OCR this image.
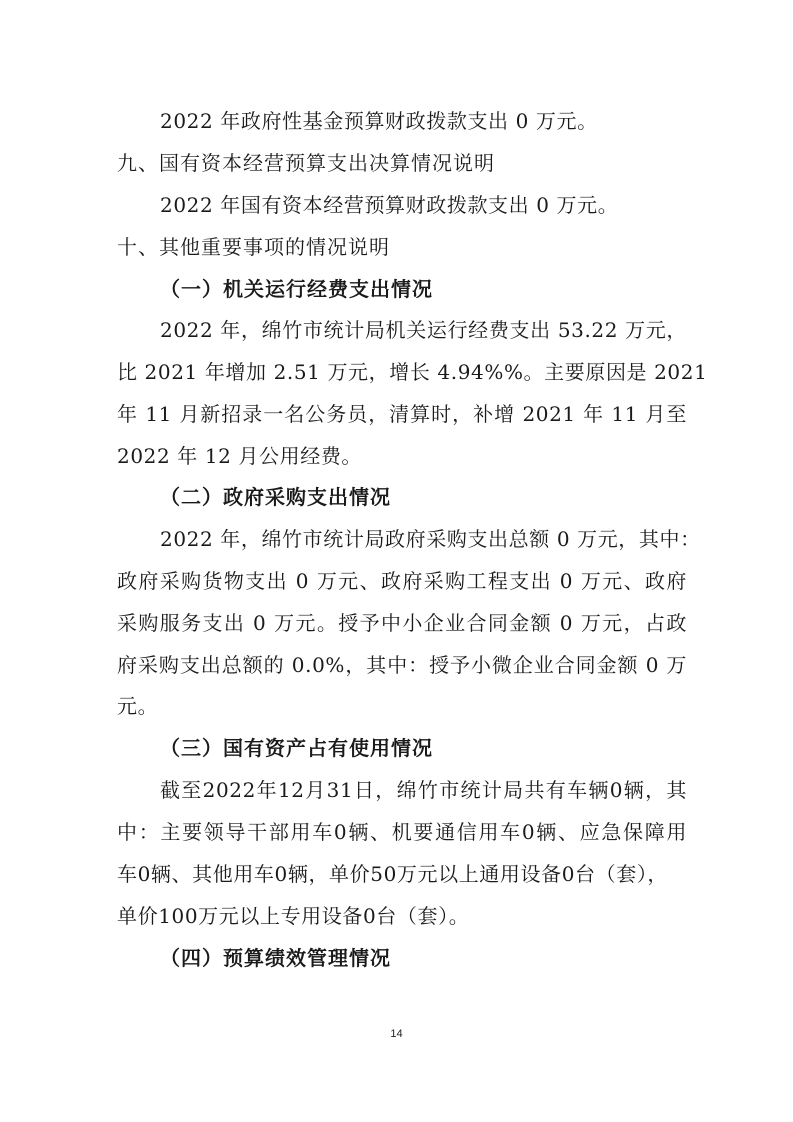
2022 年政府性基金预算财政拨款支出 0 万元。
九、国有资本经营预算支出决算情况说明
2022 年国有资本经营预算财政拨款支出 0 万元。
十、其他重要事项的情况说明
（一）机关运行经费支出情况
2022 年，绵竹市统计局机关运行经费支出 53.22 万元，
比 2021 年增加 2.51 万元，增长 4.94%%。主要原因是 2021
年 11 月新招录一名公务员，清算时，补增 2021 年 11 月至
2022 年 12 月公用经费。
（二）政府采购支出情况
2022 年，绵竹市统计局政府采购支出总额 0 万元，其中：
政府采购货物支出 0 万元、政府采购工程支出 0 万元、政府
采购服务支出 0 万元。授予中小企业合同金额 0 万元，占政
府采购支出总额的 0.0%，其中：授予小微企业合同金额 0 万
元。
（三）国有资产占有使用情况
截至2022年12月31日，绵竹市统计局共有车辆0辆，其
中：主要领导干部用车0辆、机要通信用车0辆、应急保障用
车0辆、其他用车0辆，单价50万元以上通用设备0台（套），
单价100万元以上专用设备0台（套）。
（四）预算绩效管理情况
14
